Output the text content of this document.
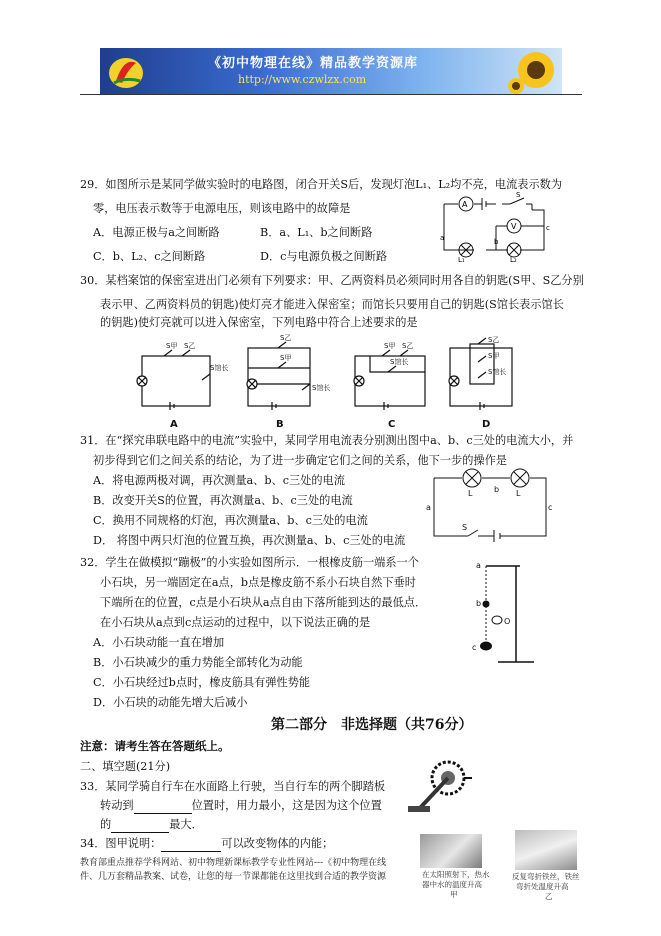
《初中物理在线》精品教学资源库
http://www.czwlzx.com
29．如图所示是某同学做实验时的电路图，闭合开关S后，发现灯泡L₁、L₂均不亮，电流表示数为
零，电压表示数等于电源电压，则该电路中的故障是
A．电源正极与a之间断路	B．a、L₁、b之间断路
C．b、L₂、c之间断路	D．c与电源负极之间断路
A
V
S
a	b
c
L₁	L₂
30．某档案馆的保密室进出门必须有下列要求：甲、乙两资料员必须同时用各自的钥匙(S甲、S乙分别
表示甲、乙两资料员的钥匙)使灯亮才能进入保密室；而馆长只要用自己的钥匙(S馆长表示馆长
的钥匙)使灯亮就可以进入保密室，下列电路中符合上述要求的是
S甲 S乙
S馆长
S乙
S甲
S馆长
S甲 S乙
S馆长
S乙
S甲
S馆长
A	B	C	D
31．在“探究串联电路中的电流”实验中，某同学用电流表分别测出图中a、b、c三处的电流大小，并
初步得到它们之间关系的结论，为了进一步确定它们之间的关系，他下一步的操作是
A．将电源两极对调，再次测量a、b、c三处的电流
B．改变开关S的位置，再次测量a、b、c三处的电流
C．换用不同规格的灯泡，再次测量a、b、c三处的电流
D． 将图中两只灯泡的位置互换，再次测量a、b、c三处的电流
L	L
b
a	c
S
32．学生在做模拟“蹦极”的小实验如图所示．一根橡皮筋一端系一个
小石块，另一端固定在a点，b点是橡皮筋不系小石块自然下垂时
下端所在的位置，c点是小石块从a点自由下落所能到达的最低点．
在小石块从a点到c点运动的过程中，以下说法正确的是
A．小石块动能一直在增加
B．小石块减少的重力势能全部转化为动能
C．小石块经过b点时，橡皮筋具有弹性势能
D．小石块的动能先增大后减小
a
b
c
O
第二部分　非选择题（共76分）
注意：请考生答在答题纸上。
二、填空题(21分)
33．某同学骑自行车在水面路上行驶，当自行车的两个脚踏板
转动到	位置时，用力最小，这是因为这个位置
的	最大．
34．图甲说明：	可以改变物体的内能；
教育部重点推荐学科网站、初中物理新课标教学专业性网站---《初中物理在线
件、几万套精品教案、试卷，让您的每一节课都能在这里找到合适的教学资源	在太阳照射下，热水
器中水的温度升高
甲
反复弯折铁丝，铁丝
弯折处温度升高
乙
